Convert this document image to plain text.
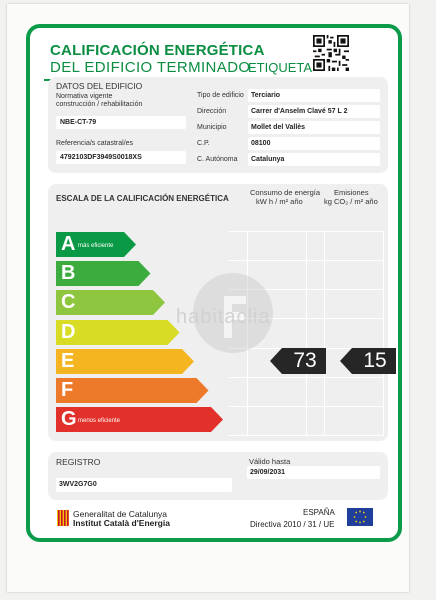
CALIFICACIÓN ENERGÉTICA
DEL EDIFICIO TERMINADO
ETIQUETA
DATOS DEL EDIFICIO
Normativa vigente
construcción / rehabilitación
NBE-CT-79
Referencia/s catastral/es
4792103DF3949S0018XS
Tipo de edificio Terciario
Dirección	Carrer d'Anselm Clavé 57 L 2
Municipio	Mollet del Vallès
C.P.	08100
C. Autónoma Catalunya
ESCALA DE LA CALIFICACIÓN ENERGÉTICA
Consumo de energía
kW h / m² año
Emisiones
kg CO₂ / m² año
A más eficiente
B
C
D
E
F
G menos eficiente
73	15
habitaclia
REGISTRO
3WV2G7G0
Válido hasta
29/09/2031
Generalitat de Catalunya
Institut Català d'Energia
ESPAÑA
Directiva 2010 / 31 / UE
